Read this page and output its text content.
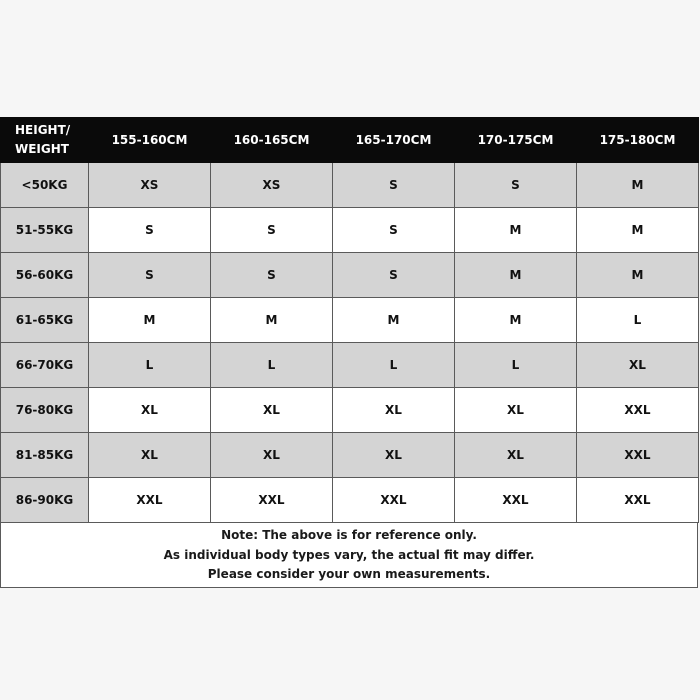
HEIGHT/
WEIGHT	155-160CM	160-165CM	165-170CM	170-175CM	175-180CM
<50KG	XS	XS	S	S	M
51-55KG	S	S	S	M	M
56-60KG	S	S	S	M	M
61-65KG	M	M	M	M	L
66-70KG	L	L	L	L	XL
76-80KG	XL	XL	XL	XL	XXL
81-85KG	XL	XL	XL	XL	XXL
86-90KG	XXL	XXL	XXL	XXL	XXL
Note: The above is for reference only.
As individual body types vary, the actual fit may differ.
Please consider your own measurements.
